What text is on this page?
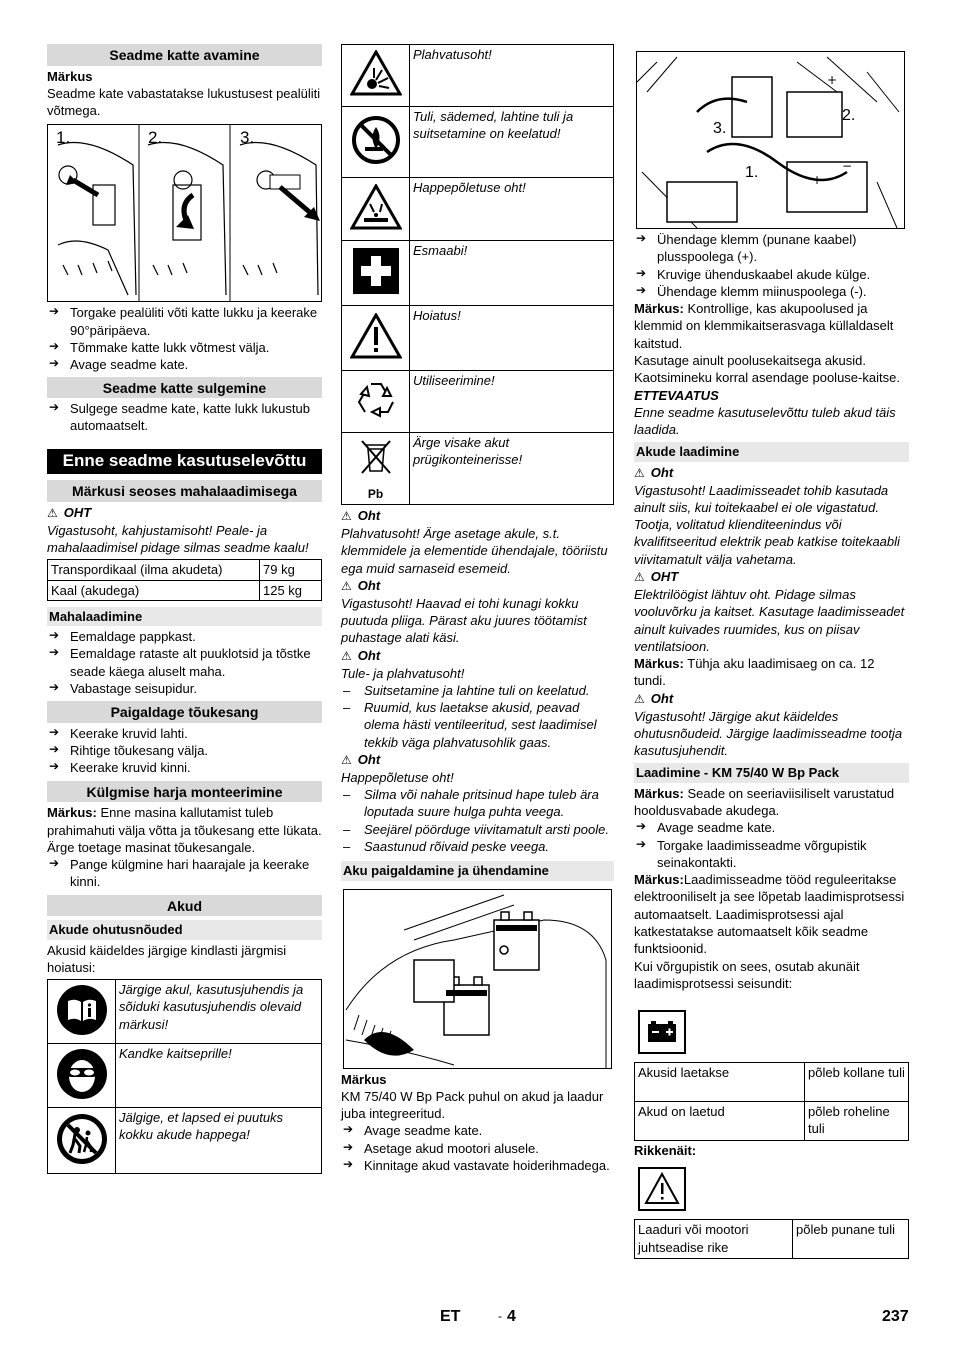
Seadme katte avamine

Märkus

Seadme kate vabastatakse lukustusest pealüliti võtmega.

1.	2.	3.

➔ Torgake pealüliti võti katte lukku ja keerake 90°päripäeva.

➔ Tõmmake katte lukk võtmest välja.

➔ Avage seadme kate.

Seadme katte sulgemine

➔ Sulgege seadme kate, katte lukk lukustub automaatselt.

Enne seadme kasutuselevõttu
Märkusi seoses mahalaadimisega

⚠ OHT

Vigastusoht, kahjustamisoht! Peale- ja mahalaadimisel pidage silmas seadme kaalu!

Transpordikaal (ilma akudeta)	79 kg
Kaal (akudega)	125 kg
Mahalaadimine

➔ Eemaldage pappkast.

➔ Eemaldage rataste alt puuklotsid ja tõstke seade käega aluselt maha.

➔ Vabastage seisupidur.

Paigaldage tõukesang

➔ Keerake kruvid lahti.

➔ Rihtige tõukesang välja.

➔ Keerake kruvid kinni.

Külgmise harja monteerimine

Märkus: Enne masina kallutamist tuleb prahimahuti välja võtta ja tõukesang ette lükata. Ärge toetage masinat tõukesangale.

➔ Pange külgmine hari haarajale ja keerake kinni.

Akud
Akude ohutusnõuded

Akusid käideldes järgige kindlasti järgmisi hoiatusi:

	Järgige akul, kasutusjuhendis ja sõiduki kasutusjuhendis olevaid märkusi!
	Kandke kaitseprille!
	Jälgige, et lapsed ei puutuks kokku akude happega!
	Plahvatusoht!
	Tuli, sädemed, lahtine tuli ja suitsetamine on keelatud!
	Happepõletuse oht!
	Esmaabi!
	Hoiatus!
	Utiliseerimine!

Pb	Ärge visake akut prügikonteinerisse!

⚠ Oht

Plahvatusoht! Ärge asetage akule, s.t. klemmidele ja elementide ühendajale, tööriistu ega muid sarnaseid esemeid.

⚠ Oht

Vigastusoht! Haavad ei tohi kunagi kokku puutuda pliiga. Pärast aku juures töötamist puhastage alati käsi.

⚠ Oht

Tule- ja plahvatusoht!

– Suitsetamine ja lahtine tuli on keelatud.

– Ruumid, kus laetakse akusid, peavad olema hästi ventileeritud, sest laadimisel tekkib väga plahvatusohlik gaas.

⚠ Oht

Happepõletuse oht!

– Silma või nahale pritsinud hape tuleb ära loputada suure hulga puhta veega.

– Seejärel pöörduge viivitamatult arsti poole.

– Saastunud rõivaid peske veega.

Aku paigaldamine ja ühendamine

Märkus

KM 75/40 W Bp Pack puhul on akud ja laadur juba integreeritud.

➔ Avage seadme kate.

➔ Asetage akud mootori alusele.

➔ Kinnitage akud vastavate hoiderihmadega.

+
+
−
3.
2.
1.

➔ Ühendage klemm (punane kaabel) plusspoolega (+).

➔ Kruvige ühenduskaabel akude külge.

➔ Ühendage klemm miinuspoolega (-).

Märkus: Kontrollige, kas akupoolused ja klemmid on klemmikaitserasvaga küllaldaselt kaitstud.

Kasutage ainult poolusekaitsega akusid. Kaotsimineku korral asendage pooluse-kaitse.

ETTEVAATUS

Enne seadme kasutuselevõttu tuleb akud täis laadida.

Akude laadimine

⚠ Oht

Vigastusoht! Laadimisseadet tohib kasutada ainult siis, kui toitekaabel ei ole vigastatud. Tootja, volitatud klienditeenindus või kvalifitseeritud elektrik peab katkise toitekaabli viivitamatult välja vahetama.

⚠ OHT

Elektrilöögist lähtuv oht. Pidage silmas vooluvõrku ja kaitset. Kasutage laadimisseadet ainult kuivades ruumides, kus on piisav ventilatsioon.

Märkus: Tühja aku laadimisaeg on ca. 12 tundi.

⚠ Oht

Vigastusoht! Järgige akut käideldes ohutusnõudeid. Järgige laadimisseadme tootja kasutusjuhendit.

Laadimine - KM 75/40 W Bp Pack

Märkus: Seade on seeriaviisiliselt varustatud hooldusvabade akudega.

➔ Avage seadme kate.

➔ Torgake laadimisseadme võrgupistik seinakontakti.

Märkus:Laadimisseadme tööd reguleeritakse elektrooniliselt ja see lõpetab laadimisprotsessi automaatselt. Laadimisprotsessi ajal katkestatakse automaatselt kõik seadme funktsioonid.

Kui võrgupistik on sees, osutab akunäit laadimisprotsessi seisundit:

Akusid laetakse	põleb kollane tuli
Akud on laetud	põleb roheline tuli

Rikkenäit:

Laaduri või mootori juhtseadise rike	põleb punane tuli
ET	- 4	237
